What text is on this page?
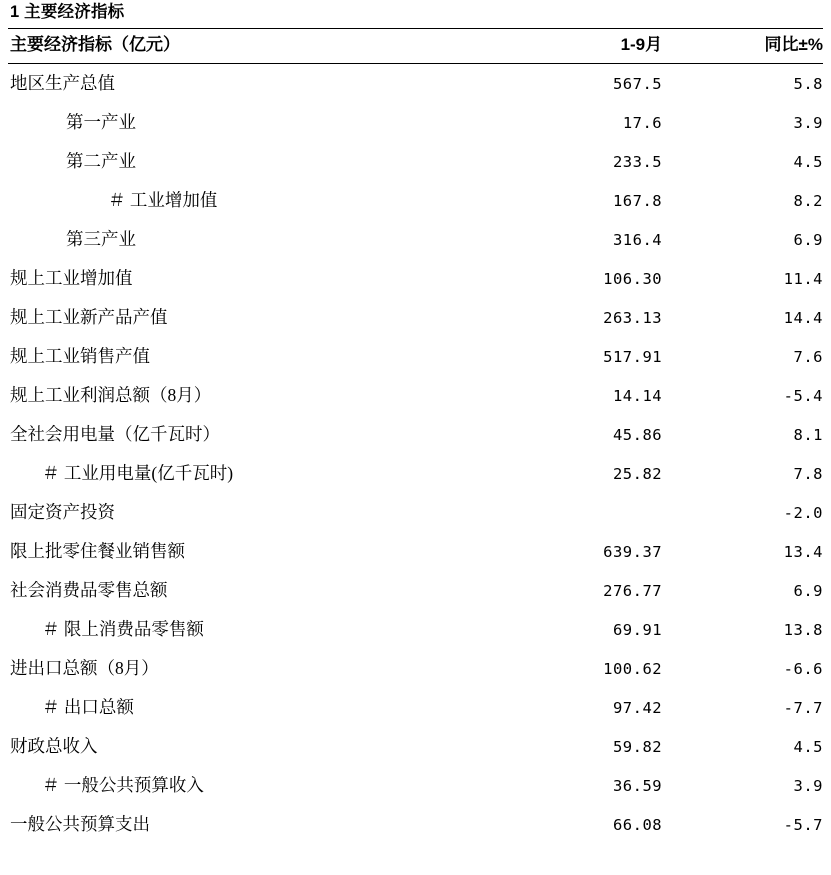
1 主要经济指标
主要经济指标（亿元）	1-9月	同比±%
地区生产总值	567.5	5.8
第一产业	17.6	3.9
第二产业	233.5	4.5
＃ 工业增加值	167.8	8.2
第三产业	316.4	6.9
规上工业增加值	106.30	11.4
规上工业新产品产值	263.13	14.4
规上工业销售产值	517.91	7.6
规上工业利润总额（8月）	14.14	-5.4
全社会用电量（亿千瓦时）	45.86	8.1
＃ 工业用电量(亿千瓦时)	25.82	7.8
固定资产投资		-2.0
限上批零住餐业销售额	639.37	13.4
社会消费品零售总额	276.77	6.9
＃ 限上消费品零售额	69.91	13.8
进出口总额（8月）	100.62	-6.6
＃ 出口总额	97.42	-7.7
财政总收入	59.82	4.5
＃ 一般公共预算收入	36.59	3.9
一般公共预算支出	66.08	-5.7
